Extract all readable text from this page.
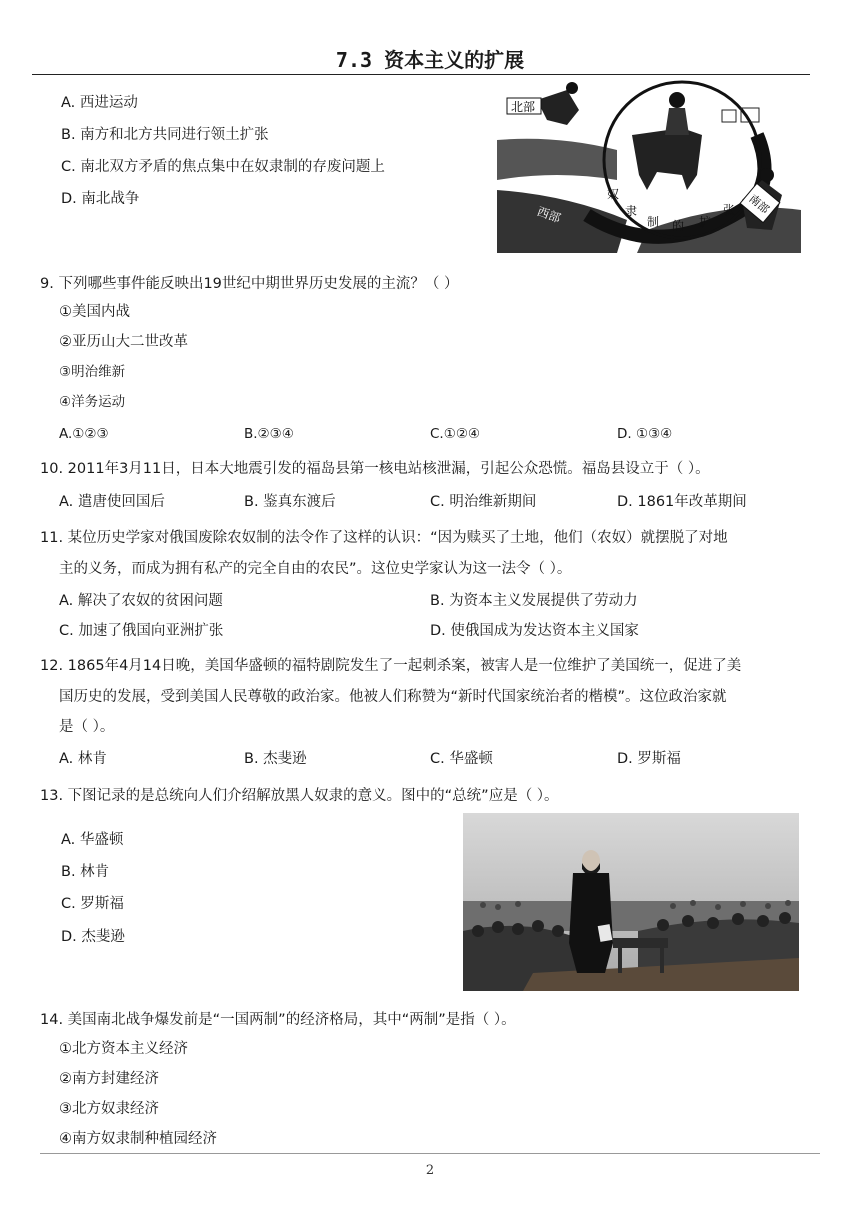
7.3 资本主义的扩展
A. 西进运动
B. 南方和北方共同进行领土扩张
C. 南北双方矛盾的焦点集中在奴隶制的存废问题上
D. 南北战争
北部
南部
西部
奴
隶
制 的 扩
张
9. 下列哪些事件能反映出19世纪中期世界历史发展的主流？（ ）
①美国内战
②亚历山大二世改革
③明治维新
④洋务运动
A.①②③	B.②③④	C.①②④	D. ①③④
10. 2011年3月11日，日本大地震引发的福岛县第一核电站核泄漏，引起公众恐慌。福岛县设立于（ ）。
A. 遣唐使回国后	B. 鉴真东渡后	C. 明治维新期间	D. 1861年改革期间
11. 某位历史学家对俄国废除农奴制的法令作了这样的认识：“因为赎买了土地，他们（农奴）就摆脱了对地
主的义务，而成为拥有私产的完全自由的农民”。这位史学家认为这一法令（ ）。
A. 解决了农奴的贫困问题	B. 为资本主义发展提供了劳动力
C. 加速了俄国向亚洲扩张	D. 使俄国成为发达资本主义国家
12. 1865年4月14日晚，美国华盛顿的福特剧院发生了一起刺杀案，被害人是一位维护了美国统一，促进了美
国历史的发展，受到美国人民尊敬的政治家。他被人们称赞为“新时代国家统治者的楷模”。这位政治家就
是（ ）。
A. 林肯	B. 杰斐逊	C. 华盛顿	D. 罗斯福
13. 下图记录的是总统向人们介绍解放黑人奴隶的意义。图中的“总统”应是（ ）。
A. 华盛顿
B. 林肯
C. 罗斯福
D. 杰斐逊
14. 美国南北战争爆发前是“一国两制”的经济格局，其中“两制”是指（ ）。
①北方资本主义经济
②南方封建经济
③北方奴隶经济
④南方奴隶制种植园经济
2
